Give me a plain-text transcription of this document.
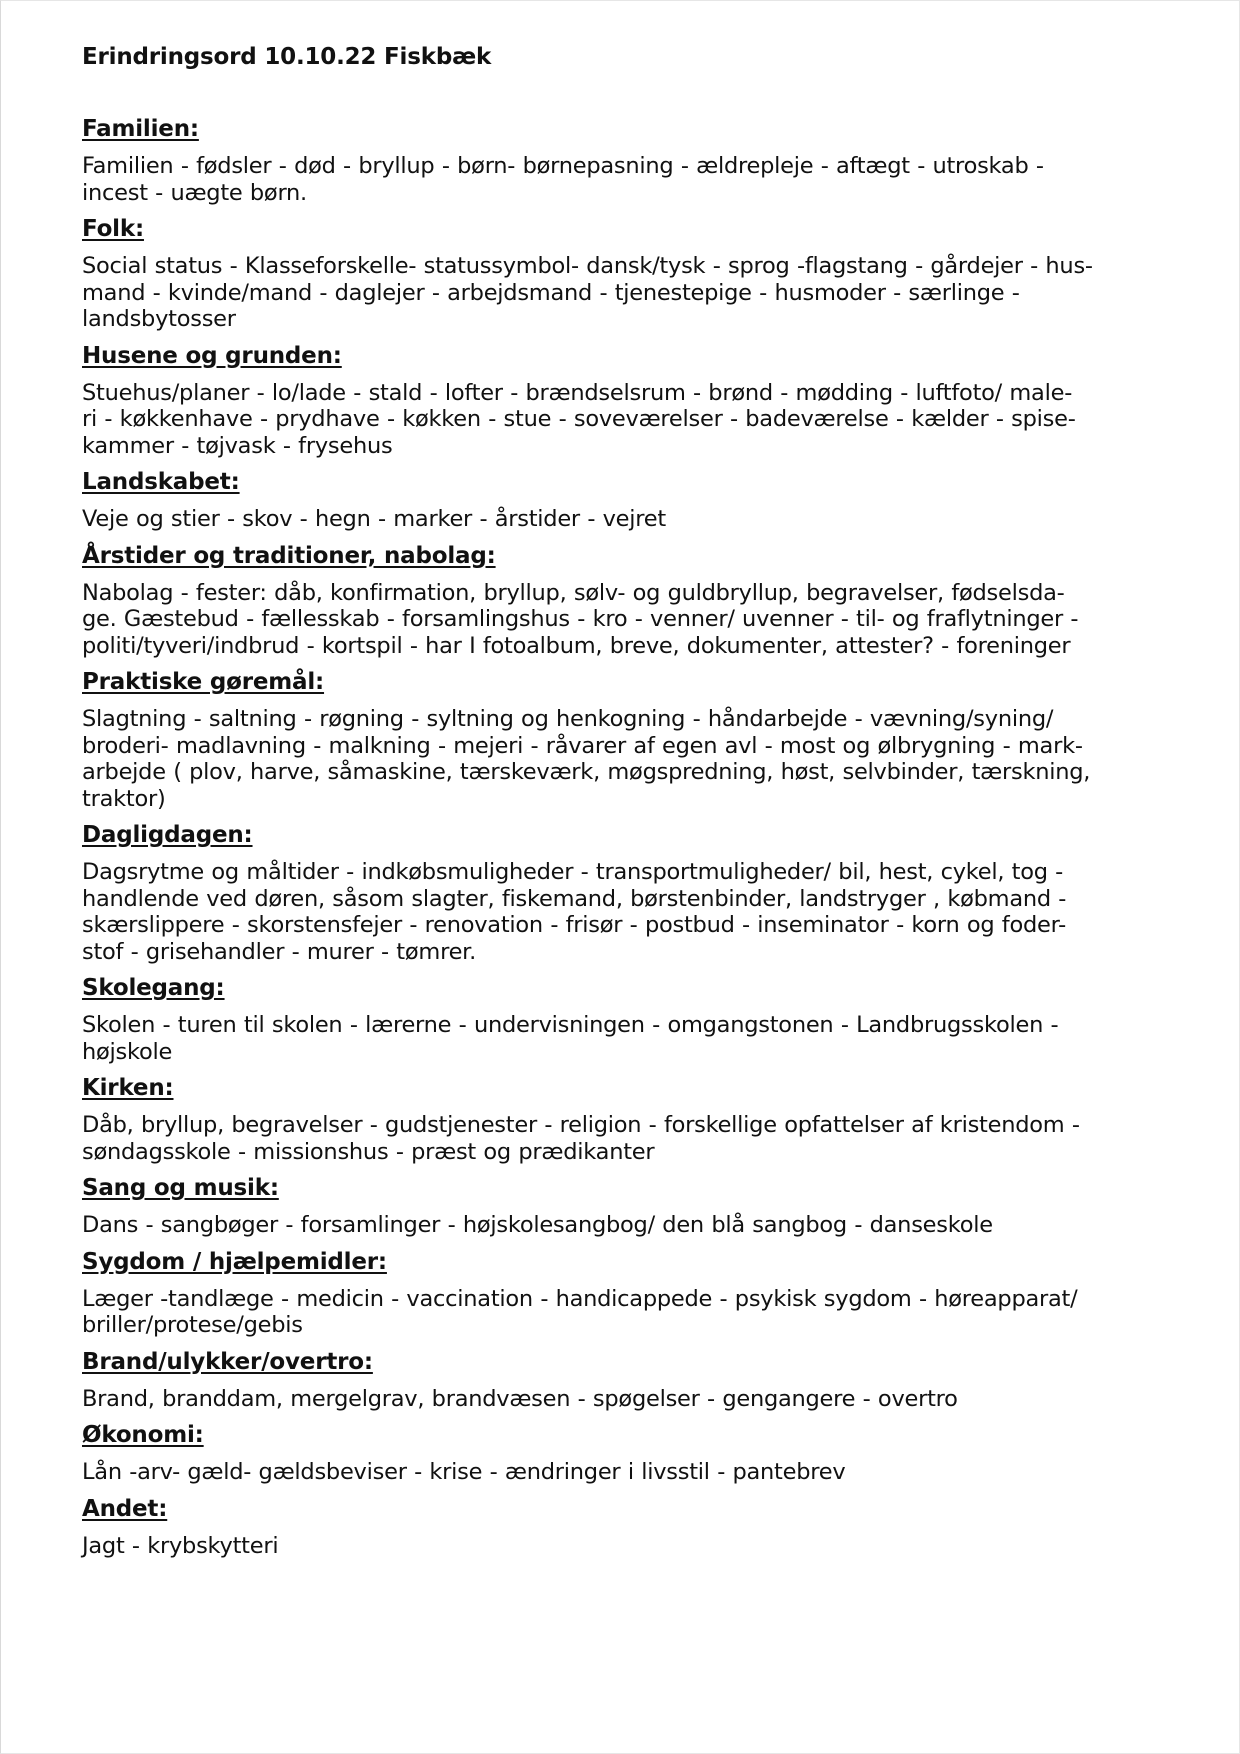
Erindringsord 10.10.22 Fiskbæk
Familien:
Familien - fødsler - død - bryllup - børn- børnepasning - ældrepleje - aftægt - utroskab -
incest - uægte børn.
Folk:
Social status - Klasseforskelle- statussymbol- dansk/tysk - sprog -flagstang - gårdejer - hus-
mand - kvinde/mand - daglejer - arbejdsmand - tjenestepige - husmoder - særlinge -
landsbytosser
Husene og grunden:
Stuehus/planer - lo/lade - stald - lofter - brændselsrum - brønd - mødding - luftfoto/ male-
ri - køkkenhave - prydhave - køkken - stue - soveværelser - badeværelse - kælder - spise-
kammer - tøjvask - frysehus
Landskabet:
Veje og stier - skov - hegn - marker - årstider - vejret
Årstider og traditioner, nabolag:
Nabolag - fester: dåb, konfirmation, bryllup, sølv- og guldbryllup, begravelser, fødselsda-
ge. Gæstebud - fællesskab - forsamlingshus - kro - venner/ uvenner - til- og fraflytninger -
politi/tyveri/indbrud - kortspil - har I fotoalbum, breve, dokumenter, attester? - foreninger
Praktiske gøremål:
Slagtning - saltning - røgning - syltning og henkogning - håndarbejde - vævning/syning/
broderi- madlavning - malkning - mejeri - råvarer af egen avl - most og ølbrygning - mark-
arbejde ( plov, harve, såmaskine, tærskeværk, møgspredning, høst, selvbinder, tærskning,
traktor)
Dagligdagen:
Dagsrytme og måltider - indkøbsmuligheder - transportmuligheder/ bil, hest, cykel, tog -
handlende ved døren, såsom slagter, fiskemand, børstenbinder, landstryger , købmand -
skærslippere - skorstensfejer - renovation - frisør - postbud - inseminator - korn og foder-
stof - grisehandler - murer - tømrer.
Skolegang:
Skolen - turen til skolen - lærerne - undervisningen - omgangstonen - Landbrugsskolen -
højskole
Kirken:
Dåb, bryllup, begravelser - gudstjenester - religion - forskellige opfattelser af kristendom -
søndagsskole - missionshus - præst og prædikanter
Sang og musik:
Dans - sangbøger - forsamlinger - højskolesangbog/ den blå sangbog - danseskole
Sygdom / hjælpemidler:
Læger -tandlæge - medicin - vaccination - handicappede - psykisk sygdom - høreapparat/
briller/protese/gebis
Brand/ulykker/overtro:
Brand, branddam, mergelgrav, brandvæsen - spøgelser - gengangere - overtro
Økonomi:
Lån -arv- gæld- gældsbeviser - krise - ændringer i livsstil - pantebrev
Andet:
Jagt - krybskytteri
